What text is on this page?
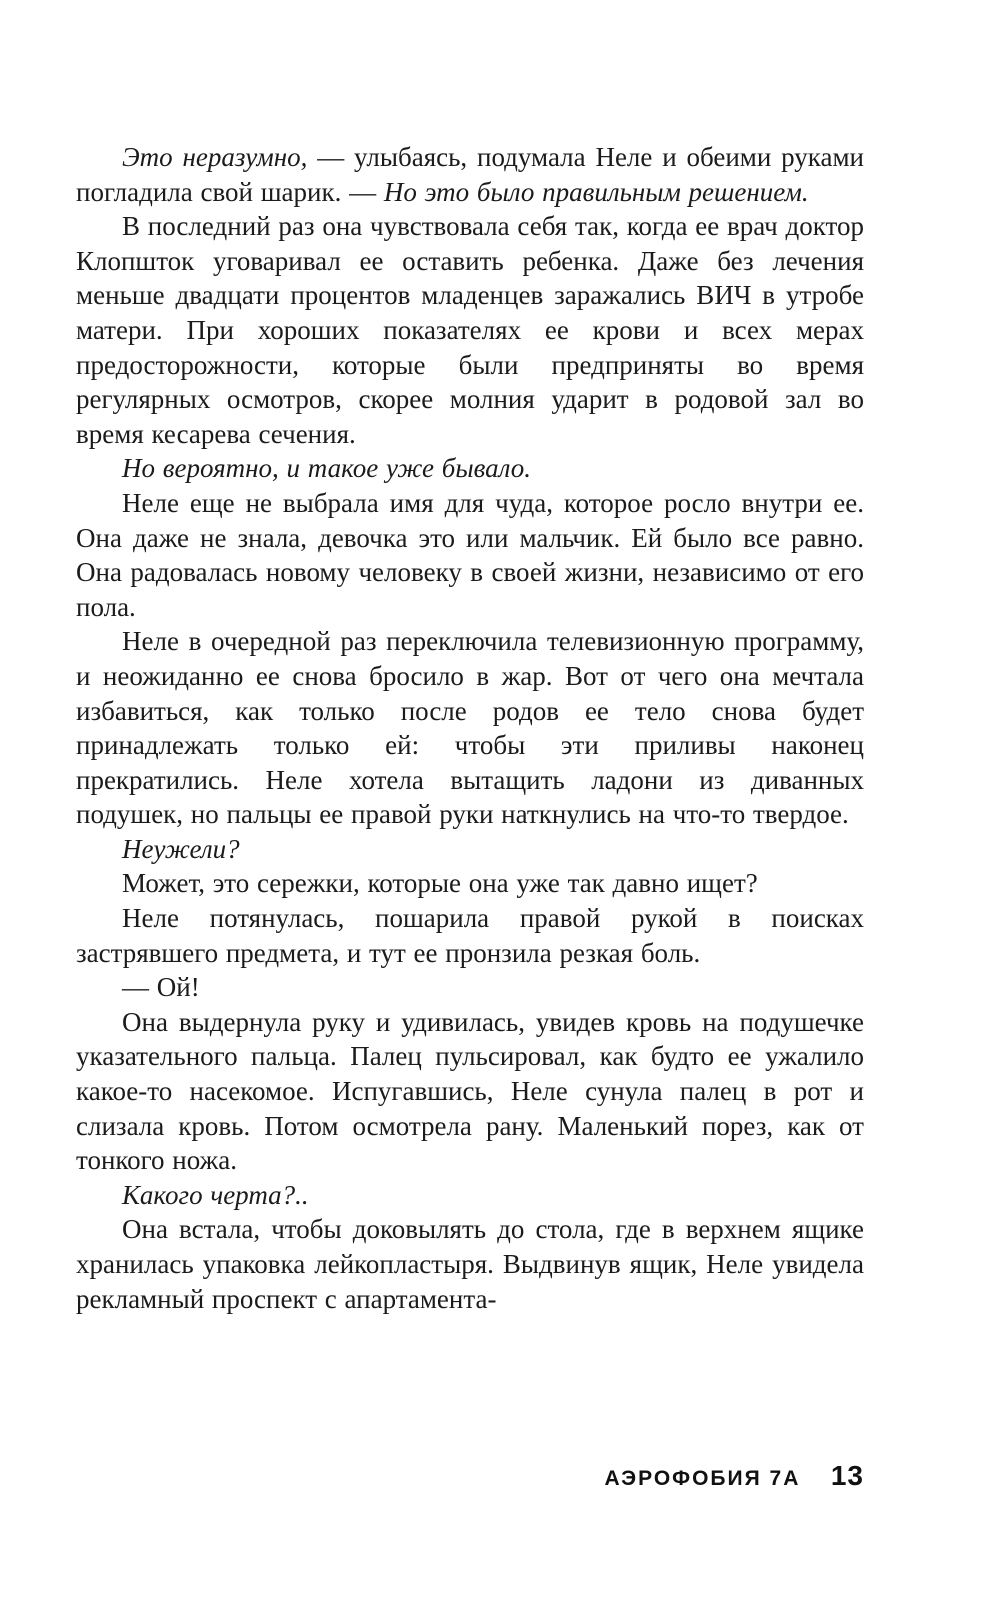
Это неразумно, — улыбаясь, подумала Неле и обеими руками погладила свой шарик. — Но это было правильным решением.

В последний раз она чувствовала себя так, когда ее врач доктор Клопшток уговаривал ее оставить ребенка. Даже без лечения меньше двадцати процентов младенцев заражались ВИЧ в утробе матери. При хороших показателях ее крови и всех мерах предосторожности, которые были предприняты во время регулярных осмотров, скорее молния ударит в родовой зал во время кесарева сечения.

Но вероятно, и такое уже бывало.

Неле еще не выбрала имя для чуда, которое росло внутри ее. Она даже не знала, девочка это или мальчик. Ей было все равно. Она радовалась новому человеку в своей жизни, независимо от его пола.

Неле в очередной раз переключила телевизионную программу, и неожиданно ее снова бросило в жар. Вот от чего она мечтала избавиться, как только после родов ее тело снова будет принадлежать только ей: чтобы эти приливы наконец прекратились. Неле хотела вытащить ладони из диванных подушек, но пальцы ее правой руки наткнулись на что-то твердое.

Неужели?

Может, это сережки, которые она уже так давно ищет?

Неле потянулась, пошарила правой рукой в поисках застрявшего предмета, и тут ее пронзила резкая боль.

— Ой!

Она выдернула руку и удивилась, увидев кровь на подушечке указательного пальца. Палец пульсировал, как будто ее ужалило какое-то насекомое. Испугавшись, Неле сунула палец в рот и слизала кровь. Потом осмотрела рану. Маленький порез, как от тонкого ножа.

Какого черта?..

Она встала, чтобы доковылять до стола, где в верхнем ящике хранилась упаковка лейкопластыря. Выдвинув ящик, Неле увидела рекламный проспект с апартамента-

АЭРОФОБИЯ 7А 13
